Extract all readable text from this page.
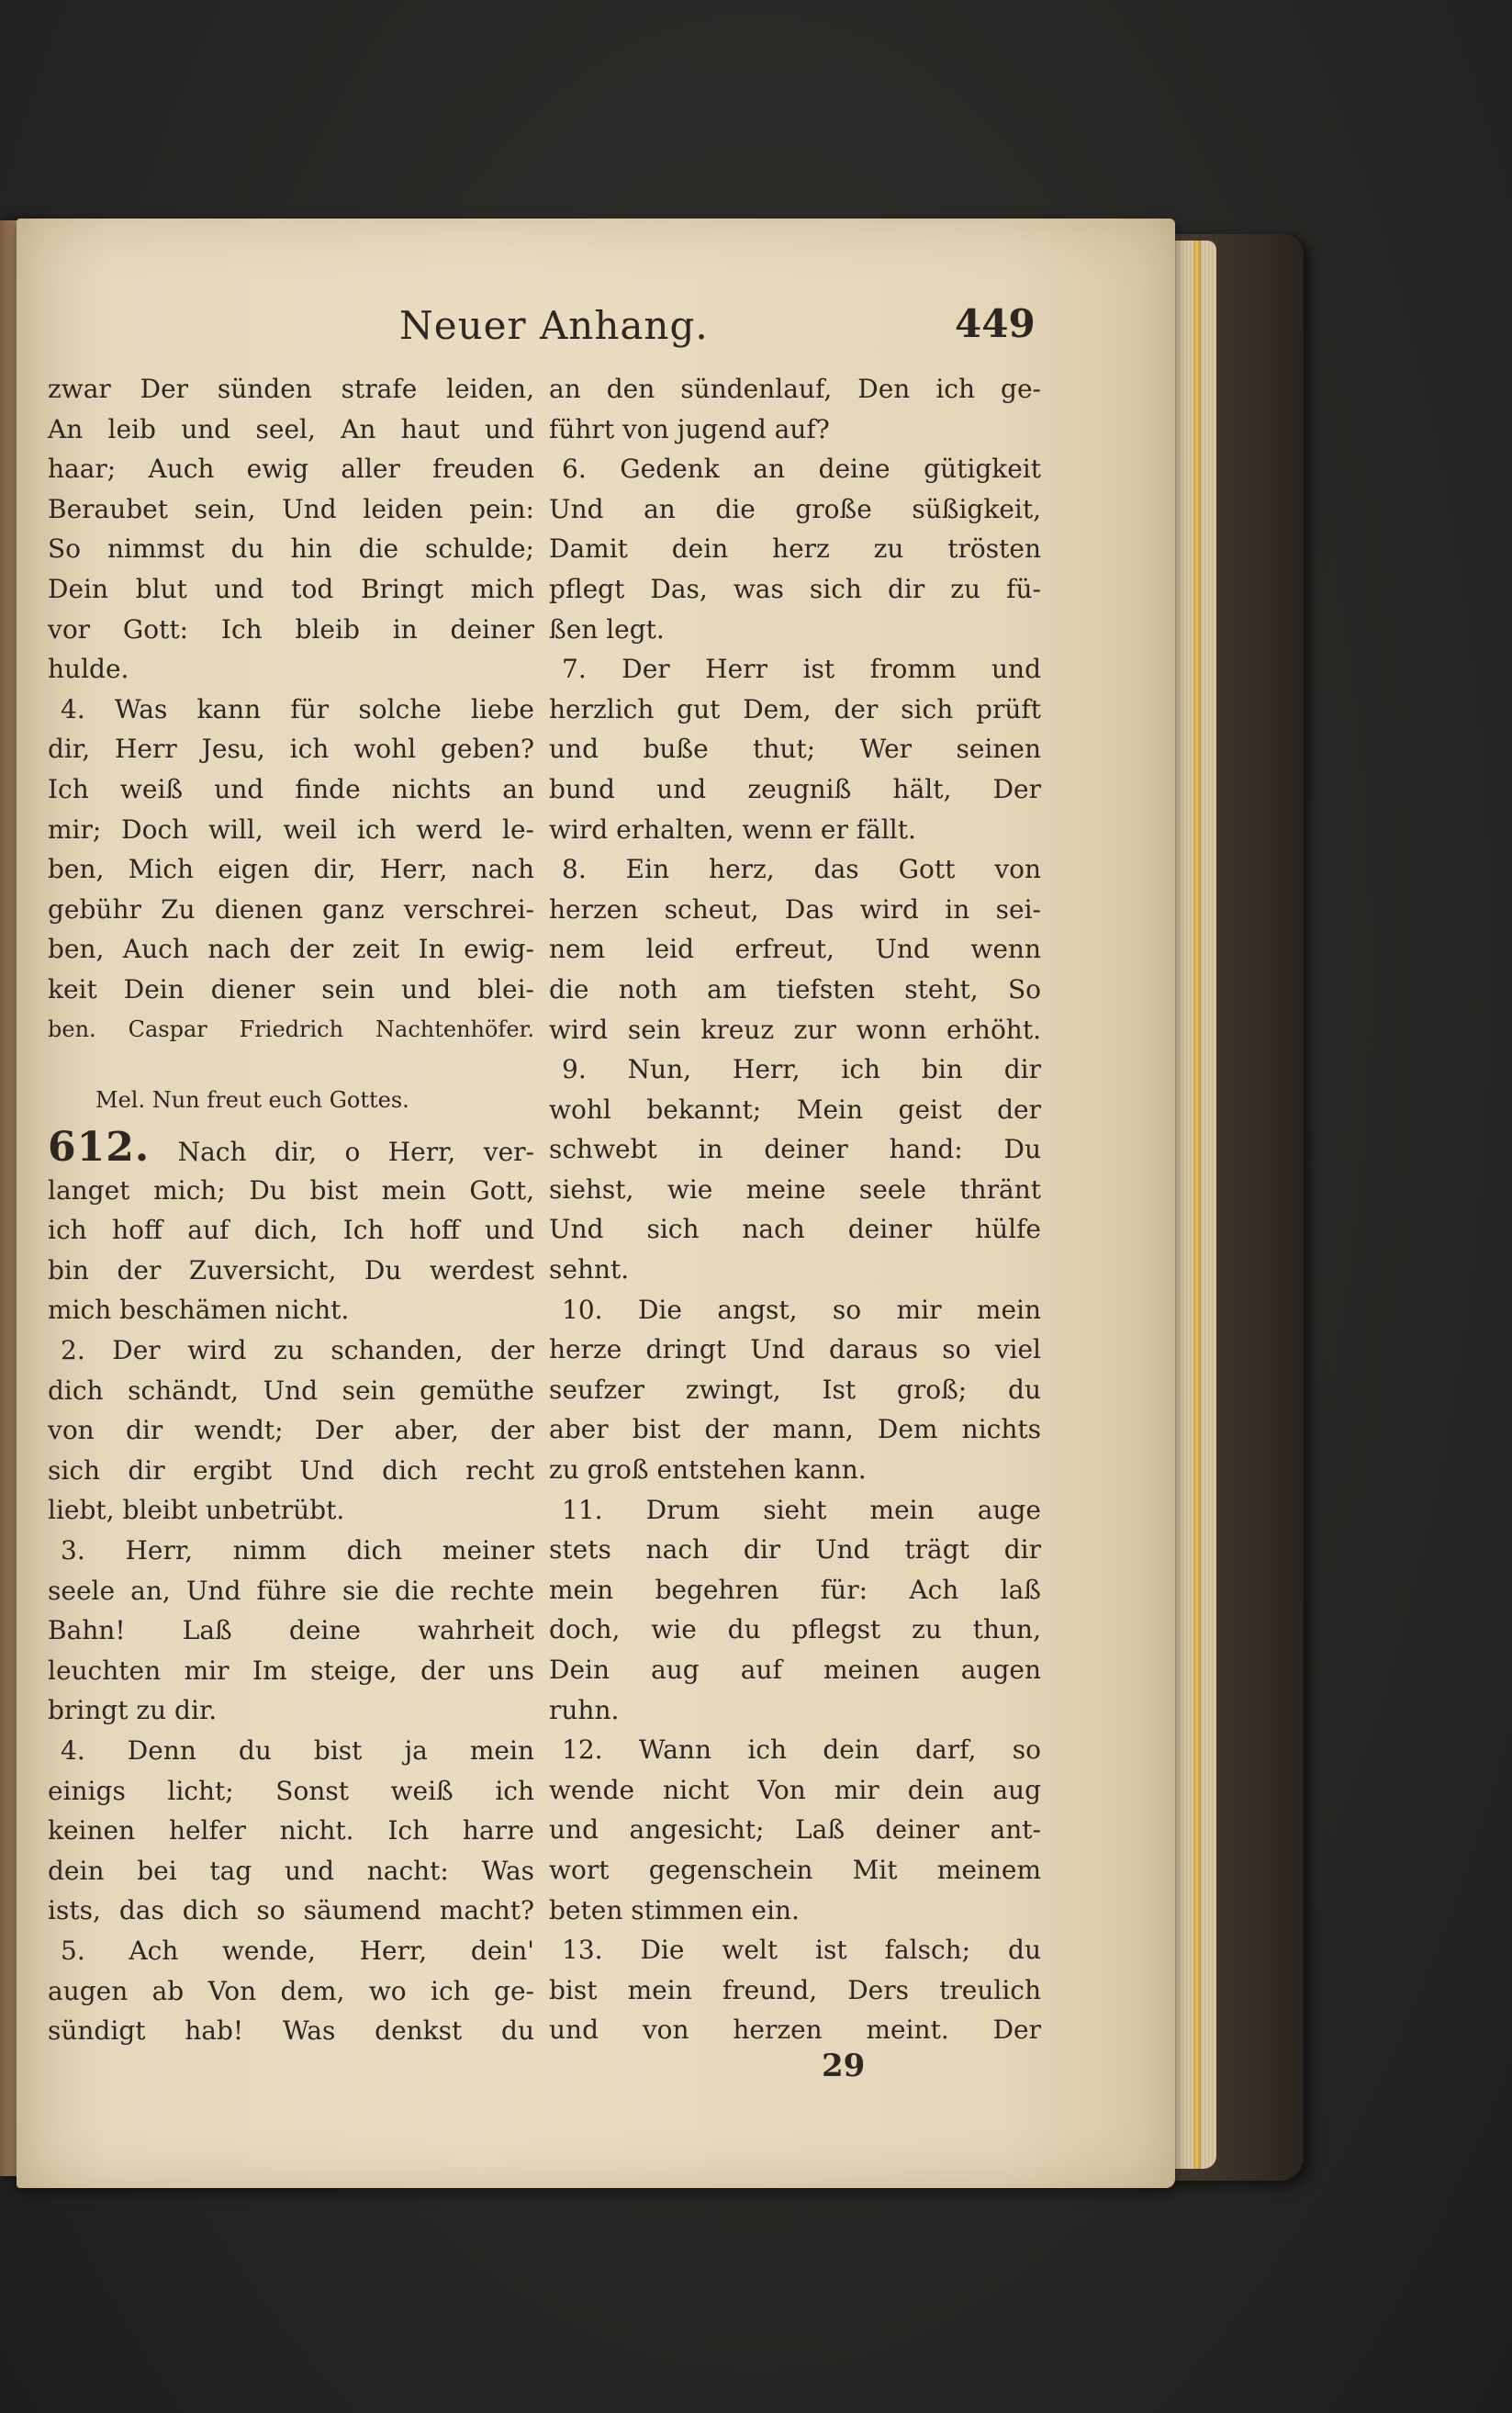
Neuer Anhang.	449
zwar Der sünden strafe leiden,
An leib und seel, An haut und
haar; Auch ewig aller freuden
Beraubet sein, Und leiden pein:
So nimmst du hin die schulde;
Dein blut und tod Bringt mich
vor Gott: Ich bleib in deiner
hulde.
4. Was kann für solche liebe
dir, Herr Jesu, ich wohl geben?
Ich weiß und finde nichts an
mir; Doch will, weil ich werd le-
ben, Mich eigen dir, Herr, nach
gebühr Zu dienen ganz verschrei-
ben, Auch nach der zeit In ewig-
keit Dein diener sein und blei-
ben. Caspar Friedrich Nachtenhöfer.
Mel. Nun freut euch Gottes.
612. Nach dir, o Herr, ver-
langet mich; Du bist mein Gott,
ich hoff auf dich, Ich hoff und
bin der Zuversicht, Du werdest
mich beschämen nicht.
2. Der wird zu schanden, der
dich schändt, Und sein gemüthe
von dir wendt; Der aber, der
sich dir ergibt Und dich recht
liebt, bleibt unbetrübt.
3. Herr, nimm dich meiner
seele an, Und führe sie die rechte
Bahn! Laß deine wahrheit
leuchten mir Im steige, der uns
bringt zu dir.
4. Denn du bist ja mein
einigs licht; Sonst weiß ich
keinen helfer nicht. Ich harre
dein bei tag und nacht: Was
ists, das dich so säumend macht?
5. Ach wende, Herr, dein'
augen ab Von dem, wo ich ge-
sündigt hab! Was denkst du
an den sündenlauf, Den ich ge-
führt von jugend auf?
6. Gedenk an deine gütigkeit
Und an die große süßigkeit,
Damit dein herz zu trösten
pflegt Das, was sich dir zu fü-
ßen legt.
7. Der Herr ist fromm und
herzlich gut Dem, der sich prüft
und buße thut; Wer seinen
bund und zeugniß hält, Der
wird erhalten, wenn er fällt.
8. Ein herz, das Gott von
herzen scheut, Das wird in sei-
nem leid erfreut, Und wenn
die noth am tiefsten steht, So
wird sein kreuz zur wonn erhöht.
9. Nun, Herr, ich bin dir
wohl bekannt; Mein geist der
schwebt in deiner hand: Du
siehst, wie meine seele thränt
Und sich nach deiner hülfe
sehnt.
10. Die angst, so mir mein
herze dringt Und daraus so viel
seufzer zwingt, Ist groß; du
aber bist der mann, Dem nichts
zu groß entstehen kann.
11. Drum sieht mein auge
stets nach dir Und trägt dir
mein begehren für: Ach laß
doch, wie du pflegst zu thun,
Dein aug auf meinen augen
ruhn.
12. Wann ich dein darf, so
wende nicht Von mir dein aug
und angesicht; Laß deiner ant-
wort gegenschein Mit meinem
beten stimmen ein.
13. Die welt ist falsch; du
bist mein freund, Ders treulich
und von herzen meint. Der
29
